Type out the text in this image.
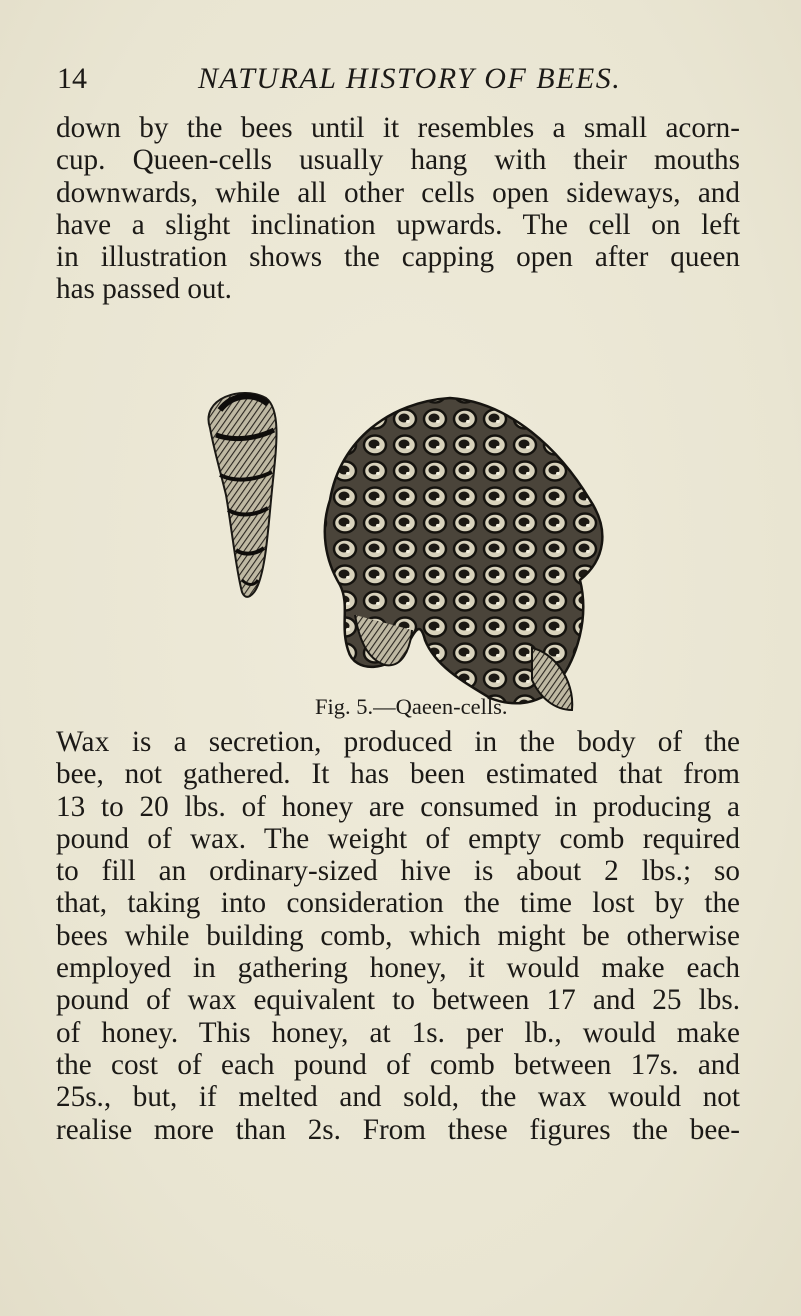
14	NATURAL HISTORY OF BEES.
down by the bees until it resembles a small acorn-
cup. Queen-cells usually hang with their mouths
downwards, while all other cells open sideways, and
have a slight inclination upwards. The cell on left
in illustration shows the capping open after queen
has passed out.
Fig. 5.—Qaeen-cells.
Wax is a secretion, produced in the body of the
bee, not gathered. It has been estimated that from
13 to 20 lbs. of honey are consumed in producing a
pound of wax. The weight of empty comb required
to fill an ordinary-sized hive is about 2 lbs.; so
that, taking into consideration the time lost by the
bees while building comb, which might be otherwise
employed in gathering honey, it would make each
pound of wax equivalent to between 17 and 25 lbs.
of honey. This honey, at 1s. per lb., would make
the cost of each pound of comb between 17s. and
25s., but, if melted and sold, the wax would not
realise more than 2s. From these figures the bee-
